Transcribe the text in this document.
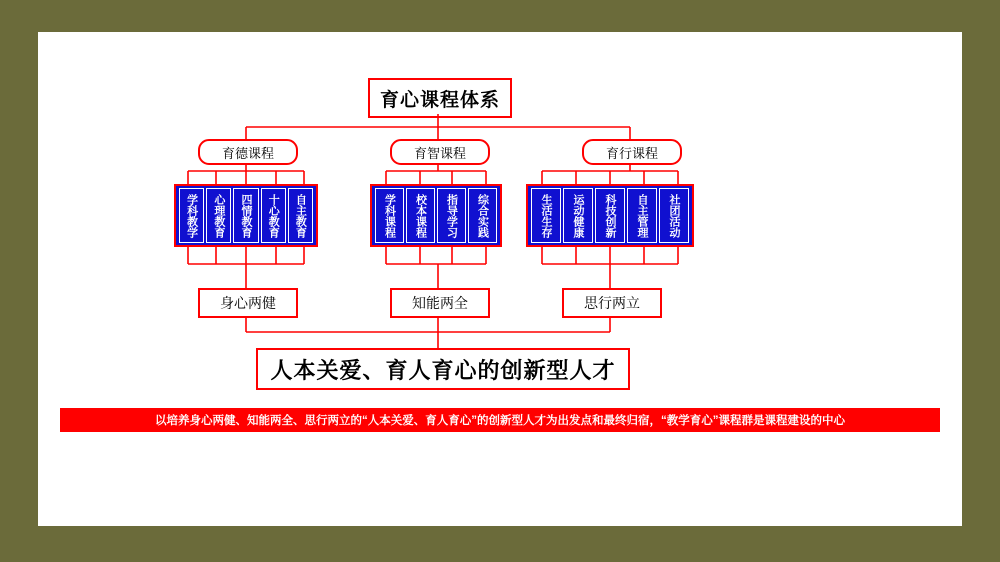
育心课程体系
育德课程	育智课程	育行课程
学科教学	心理教育	四情教育	十心教育	自主教育	学科课程	校本课程	指导学习	综合实践	生活生存	运动健康	科技创新	自主管理	社团活动
身心两健	知能两全	思行两立
人本关爱、育人育心的创新型人才
以培养身心两健、知能两全、思行两立的“人本关爱、育人育心”的创新型人才为出发点和最终归宿，“教学育心”课程群是课程建设的中心
